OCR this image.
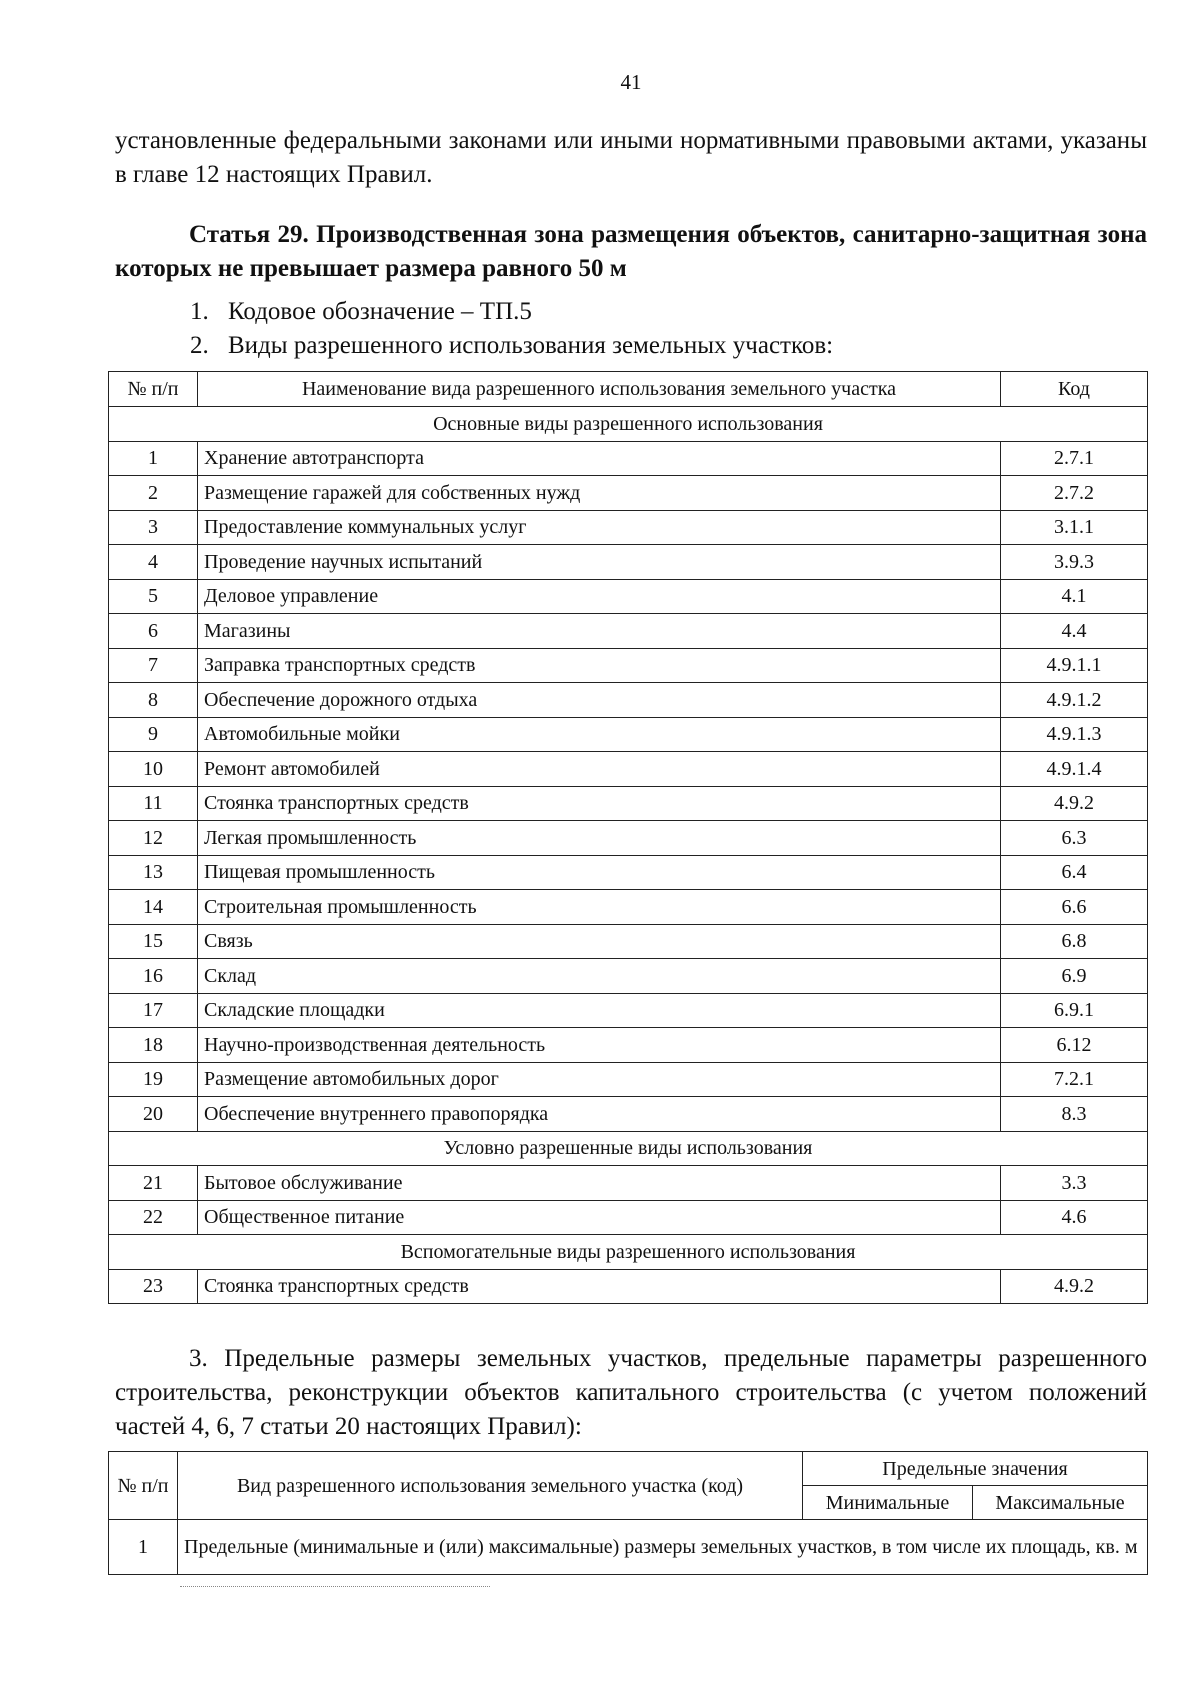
41
установленные федеральными законами или иными нормативными правовыми актами, указаны в главе 12 настоящих Правил.
Статья 29. Производственная зона размещения объектов, санитарно-защитная зона которых не превышает размера равного 50 м
1. Кодовое обозначение – ТП.5
2. Виды разрешенного использования земельных участков:
№ п/п	Наименование вида разрешенного использования земельного участка	Код
Основные виды разрешенного использования		
1	Хранение автотранспорта	2.7.1
2	Размещение гаражей для собственных нужд	2.7.2
3	Предоставление коммунальных услуг	3.1.1
4	Проведение научных испытаний	3.9.3
5	Деловое управление	4.1
6	Магазины	4.4
7	Заправка транспортных средств	4.9.1.1
8	Обеспечение дорожного отдыха	4.9.1.2
9	Автомобильные мойки	4.9.1.3
10	Ремонт автомобилей	4.9.1.4
11	Стоянка транспортных средств	4.9.2
12	Легкая промышленность	6.3
13	Пищевая промышленность	6.4
14	Строительная промышленность	6.6
15	Связь	6.8
16	Склад	6.9
17	Складские площадки	6.9.1
18	Научно-производственная деятельность	6.12
19	Размещение автомобильных дорог	7.2.1
20	Обеспечение внутреннего правопорядка	8.3
Условно разрешенные виды использования		
21	Бытовое обслуживание	3.3
22	Общественное питание	4.6
Вспомогательные виды разрешенного использования		
23	Стоянка транспортных средств	4.9.2
3. Предельные размеры земельных участков, предельные параметры разрешенного строительства, реконструкции объектов капитального строительства (с учетом положений частей 4, 6, 7 статьи 20 настоящих Правил):
№ п/п	Вид разрешенного использования земельного участка (код)	Предельные значения	
		Минимальные	Максимальные
1	Предельные (минимальные и (или) максимальные) размеры земельных участков, в том числе их площадь, кв. м		
